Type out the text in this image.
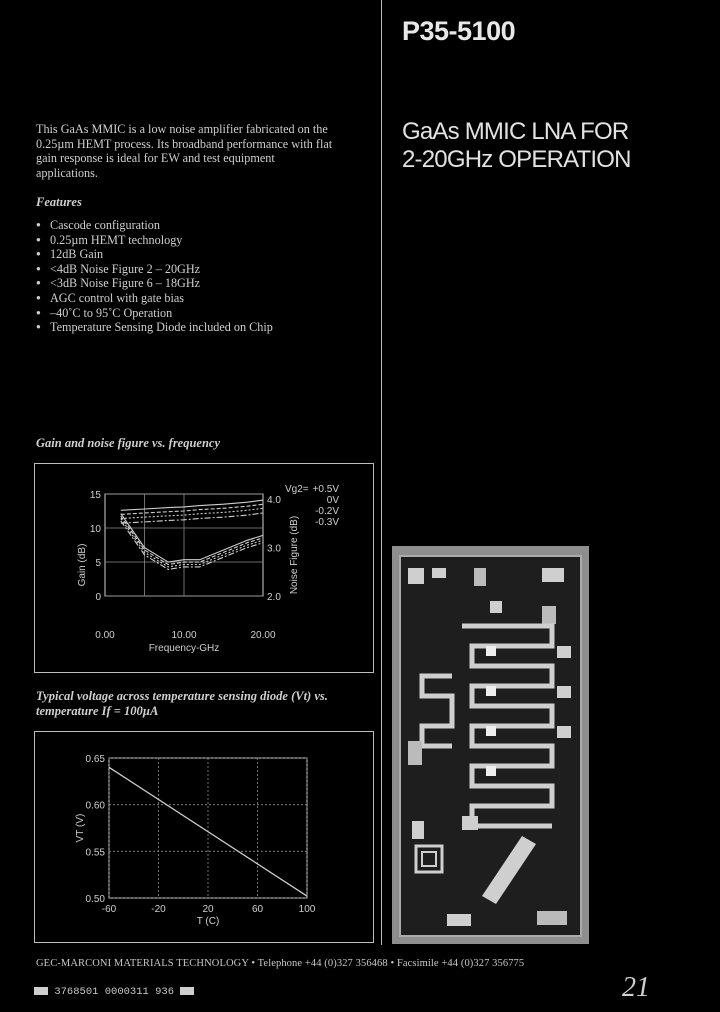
P35-5100
GaAs MMIC LNA FOR
2-20GHz OPERATION
This GaAs MMIC is a low noise amplifier fabricated on the
0.25µm HEMT process. Its broadband performance with flat
gain response is ideal for EW and test equipment
applications.
Features
● Cascode configuration
● 0.25µm HEMT technology
● 12dB Gain
● <4dB Noise Figure 2 – 20GHz
● <3dB Noise Figure 6 – 18GHz
● AGC control with gate bias
● –40˚C to 95˚C Operation
● Temperature Sensing Diode included on Chip
Gain and noise figure vs. frequency
15
10
5
0
4.0
3.0
2.0
0.00	10.00	20.00
Frequency-GHz
Gain (dB)	Noise Figure (dB)
Vg2= +0.5V
0V
-0.2V
-0.3V
Typical voltage across temperature sensing diode (Vt) vs. temperature If = 100µA
-60	-20	20	60	100
0.65
0.60
0.55
0.50
T (C)
VT (V)
GEC-MARCONI MATERIALS TECHNOLOGY • Telephone +44 (0)327 356468 • Facsimile +44 (0)327 356775
3768501 0000311 936	21
